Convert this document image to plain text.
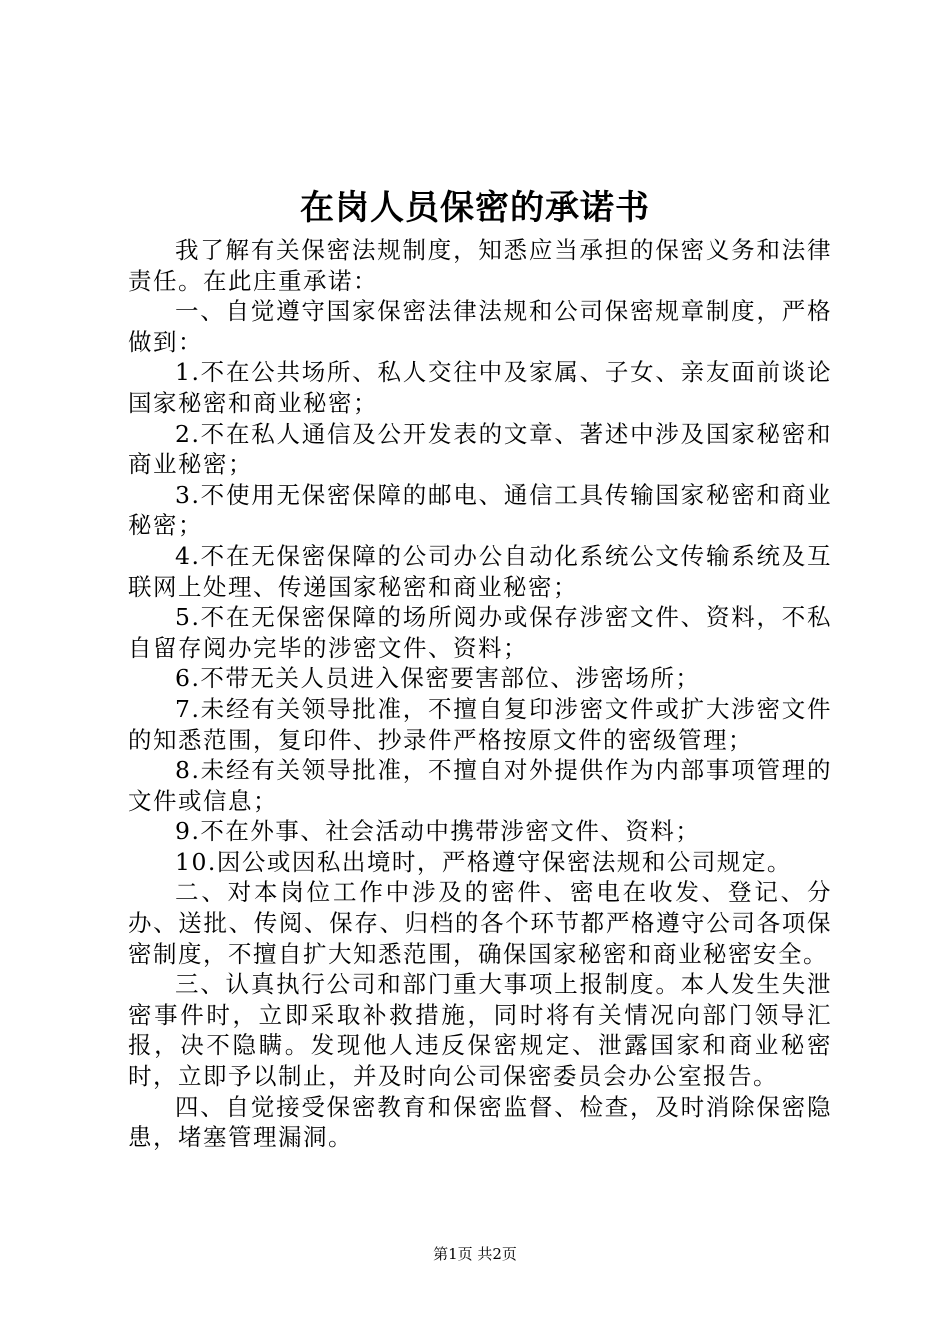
在岗人员保密的承诺书

我了解有关保密法规制度，知悉应当承担的保密义务和法律责任。在此庄重承诺：

一、自觉遵守国家保密法律法规和公司保密规章制度，严格做到：

1.不在公共场所、私人交往中及家属、子女、亲友面前谈论国家秘密和商业秘密；

2.不在私人通信及公开发表的文章、著述中涉及国家秘密和商业秘密；

3.不使用无保密保障的邮电、通信工具传输国家秘密和商业秘密；

4.不在无保密保障的公司办公自动化系统公文传输系统及互联网上处理、传递国家秘密和商业秘密；

5.不在无保密保障的场所阅办或保存涉密文件、资料，不私自留存阅办完毕的涉密文件、资料；

6.不带无关人员进入保密要害部位、涉密场所；

7.未经有关领导批准，不擅自复印涉密文件或扩大涉密文件的知悉范围，复印件、抄录件严格按原文件的密级管理；

8.未经有关领导批准，不擅自对外提供作为内部事项管理的文件或信息；

9.不在外事、社会活动中携带涉密文件、资料；

10.因公或因私出境时，严格遵守保密法规和公司规定。

二、对本岗位工作中涉及的密件、密电在收发、登记、分办、送批、传阅、保存、归档的各个环节都严格遵守公司各项保密制度，不擅自扩大知悉范围，确保国家秘密和商业秘密安全。

三、认真执行公司和部门重大事项上报制度。本人发生失泄密事件时，立即采取补救措施，同时将有关情况向部门领导汇报，决不隐瞒。发现他人违反保密规定、泄露国家和商业秘密时，立即予以制止，并及时向公司保密委员会办公室报告。

四、自觉接受保密教育和保密监督、检查，及时消除保密隐患，堵塞管理漏洞。

第1页 共2页
